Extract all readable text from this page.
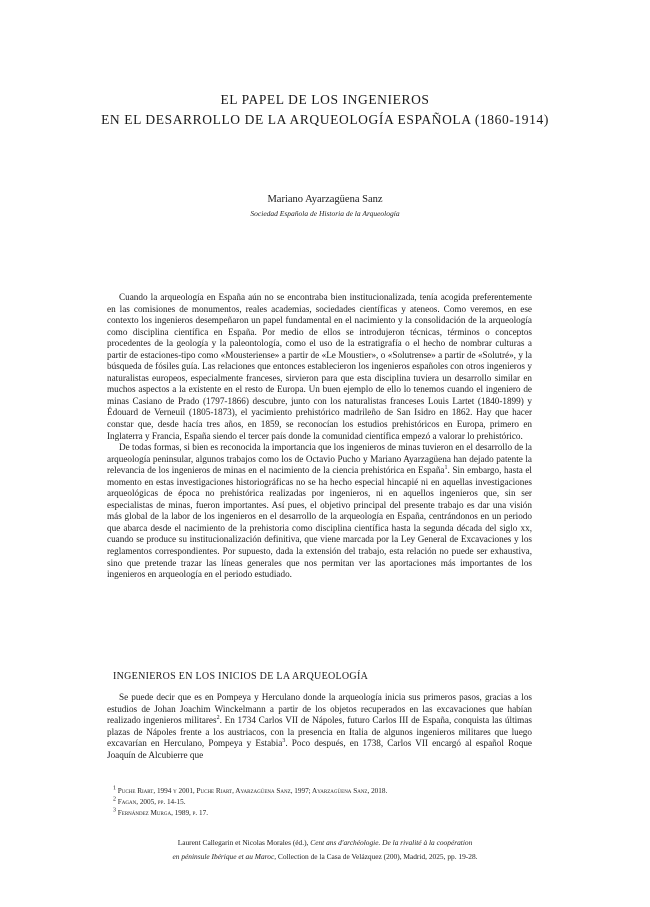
EL PAPEL DE LOS INGENIEROS
EN EL DESARROLLO DE LA ARQUEOLOGÍA ESPAÑOLA (1860-1914)
Mariano Ayarzagüena Sanz
Sociedad Española de Historia de la Arqueología

Cuando la arqueología en España aún no se encontraba bien institucionalizada, tenía acogida preferentemente en las comisiones de monumentos, reales academias, sociedades científicas y ateneos. Como veremos, en ese contexto los ingenieros desempeñaron un papel fundamental en el nacimiento y la consolidación de la arqueología como disciplina científica en España. Por medio de ellos se introdujeron técnicas, términos o conceptos procedentes de la geología y la paleontología, como el uso de la estratigrafía o el hecho de nombrar culturas a partir de estaciones-tipo como «Mousteriense» a partir de «Le Moustier», o «Solutrense» a partir de «Solutré», y la búsqueda de fósiles guía. Las relaciones que entonces establecieron los ingenieros españoles con otros ingenieros y naturalistas europeos, especialmente franceses, sirvieron para que esta disciplina tuviera un desarrollo similar en muchos aspectos a la existente en el resto de Europa. Un buen ejemplo de ello lo tenemos cuando el ingeniero de minas Casiano de Prado (1797-1866) descubre, junto con los naturalistas franceses Louis Lartet (1840-1899) y Édouard de Verneuil (1805-1873), el yacimiento prehistórico madrileño de San Isidro en 1862. Hay que hacer constar que, desde hacía tres años, en 1859, se reconocían los estudios prehistóricos en Europa, primero en Inglaterra y Francia, España siendo el tercer país donde la comunidad científica empezó a valorar lo prehistórico.

De todas formas, si bien es reconocida la importancia que los ingenieros de minas tuvieron en el desarrollo de la arqueología peninsular, algunos trabajos como los de Octavio Pucho y Mariano Ayarzagüena han dejado patente la relevancia de los ingenieros de minas en el nacimiento de la ciencia prehistórica en España$^1$. Sin embargo, hasta el momento en estas investigaciones historiográficas no se ha hecho especial hincapié ni en aquellas investigaciones arqueológicas de época no prehistórica realizadas por ingenieros, ni en aquellos ingenieros que, sin ser especialistas de minas, fueron importantes. Así pues, el objetivo principal del presente trabajo es dar una visión más global de la labor de los ingenieros en el desarrollo de la arqueología en España, centrándonos en un periodo que abarca desde el nacimiento de la prehistoria como disciplina científica hasta la segunda década del siglo xx, cuando se produce su institucionalización definitiva, que viene marcada por la Ley General de Excavaciones y los reglamentos correspondientes. Por supuesto, dada la extensión del trabajo, esta relación no puede ser exhaustiva, sino que pretende trazar las líneas generales que nos permitan ver las aportaciones más importantes de los ingenieros en arqueología en el periodo estudiado.

INGENIEROS EN LOS INICIOS DE LA ARQUEOLOGÍA

Se puede decir que es en Pompeya y Herculano donde la arqueología inicia sus primeros pasos, gracias a los estudios de Johan Joachim Winckelmann a partir de los objetos recuperados en las excavaciones que habían realizado ingenieros militares$^2$. En 1734 Carlos VII de Nápoles, futuro Carlos III de España, conquista las últimas plazas de Nápoles frente a los austriacos, con la presencia en Italia de algunos ingenieros militares que luego excavarían en Herculano, Pompeya y Estabia$^3$. Poco después, en 1738, Carlos VII encargó al español Roque Joaquín de Alcubierre que

$^1$ Puche Riart, 1994 y 2001, Puche Riart, Ayarzagüena Sanz, 1997; Ayarzagüena Sanz, 2018.
$^2$ Fagan, 2005, pp. 14-15.
$^3$ Fernández Murga, 1989, p. 17.
Laurent Callegarin et Nicolas Morales (éd.), Cent ans d'archéologie. De la rivalité à la coopération
en péninsule Ibérique et au Maroc, Collection de la Casa de Velázquez (200), Madrid, 2025, pp. 19-28.
